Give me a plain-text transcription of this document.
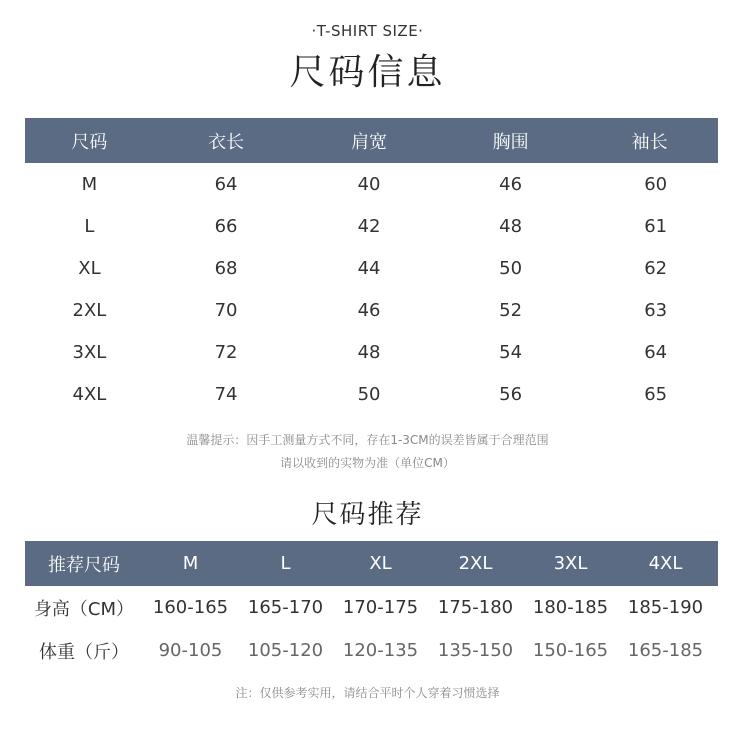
·T-SHIRT SIZE·
尺码信息
尺码	衣长	肩宽	胸围	袖长
M	64	40	46	60
L	66	42	48	61
XL	68	44	50	62
2XL	70	46	52	63
3XL	72	48	54	64
4XL	74	50	56	65
温馨提示：因手工测量方式不同，存在1-3CM的误差皆属于合理范围
请以收到的实物为准（单位CM）
尺码推荐
推荐尺码	M	L	XL	2XL	3XL	4XL
身高（CM）	160-165	165-170	170-175	175-180	180-185	185-190
体重（斤）	90-105	105-120	120-135	135-150	150-165	165-185
注：仅供参考实用，请结合平时个人穿着习惯选择
